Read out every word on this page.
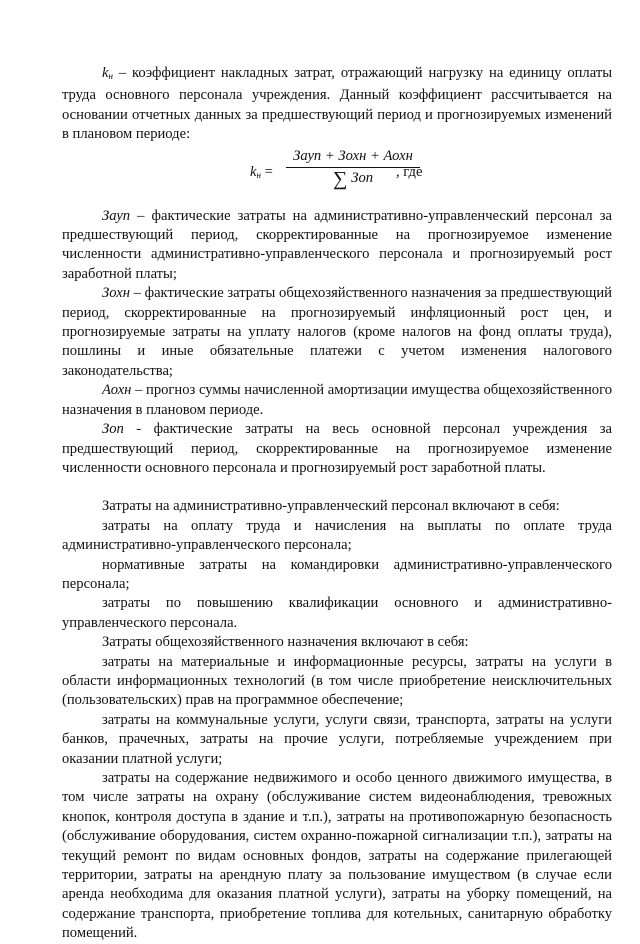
$k_н$ – коэффициент накладных затрат, отражающий нагрузку на единицу оплаты труда основного персонала учреждения. Данный коэффициент рассчитывается на основании отчетных данных за предшествующий период и прогнозируемых изменений в плановом периоде:

$k_н$ =
Зауп + Зохн + Аохн
∑ Зоп	, где

Зауп – фактические затраты на административно-управленческий персонал за предшествующий период, скорректированные на прогнозируемое изменение численности административно-управленческого персонала и прогнозируемый рост заработной платы;

Зохн – фактические затраты общехозяйственного назначения за предшествующий период, скорректированные на прогнозируемый инфляционный рост цен, и прогнозируемые затраты на уплату налогов (кроме налогов на фонд оплаты труда), пошлины и иные обязательные платежи с учетом изменения налогового законодательства;

Аохн – прогноз суммы начисленной амортизации имущества общехозяйственного назначения в плановом периоде.

Зоп - фактические затраты на весь основной персонал учреждения за предшествующий период, скорректированные на прогнозируемое изменение численности основного персонала и прогнозируемый рост заработной платы.

Затраты на административно-управленческий персонал включают в себя:

затраты на оплату труда и начисления на выплаты по оплате труда административно-управленческого персонала;

нормативные затраты на командировки административно-управленческого персонала;

затраты по повышению квалификации основного и административно-управленческого персонала.

Затраты общехозяйственного назначения включают в себя:

затраты на материальные и информационные ресурсы, затраты на услуги в области информационных технологий (в том числе приобретение неисключительных (пользовательских) прав на программное обеспечение;

затраты на коммунальные услуги, услуги связи, транспорта, затраты на услуги банков, прачечных, затраты на прочие услуги, потребляемые учреждением при оказании платной услуги;

затраты на содержание недвижимого и особо ценного движимого имущества, в том числе затраты на охрану (обслуживание систем видеонаблюдения, тревожных кнопок, контроля доступа в здание и т.п.), затраты на противопожарную безопасность (обслуживание оборудования, систем охранно-пожарной сигнализации т.п.), затраты на текущий ремонт по видам основных фондов, затраты на содержание прилегающей территории, затраты на арендную плату за пользование имуществом (в случае если аренда необходима для оказания платной услуги), затраты на уборку помещений, на содержание транспорта, приобретение топлива для котельных, санитарную обработку помещений.
